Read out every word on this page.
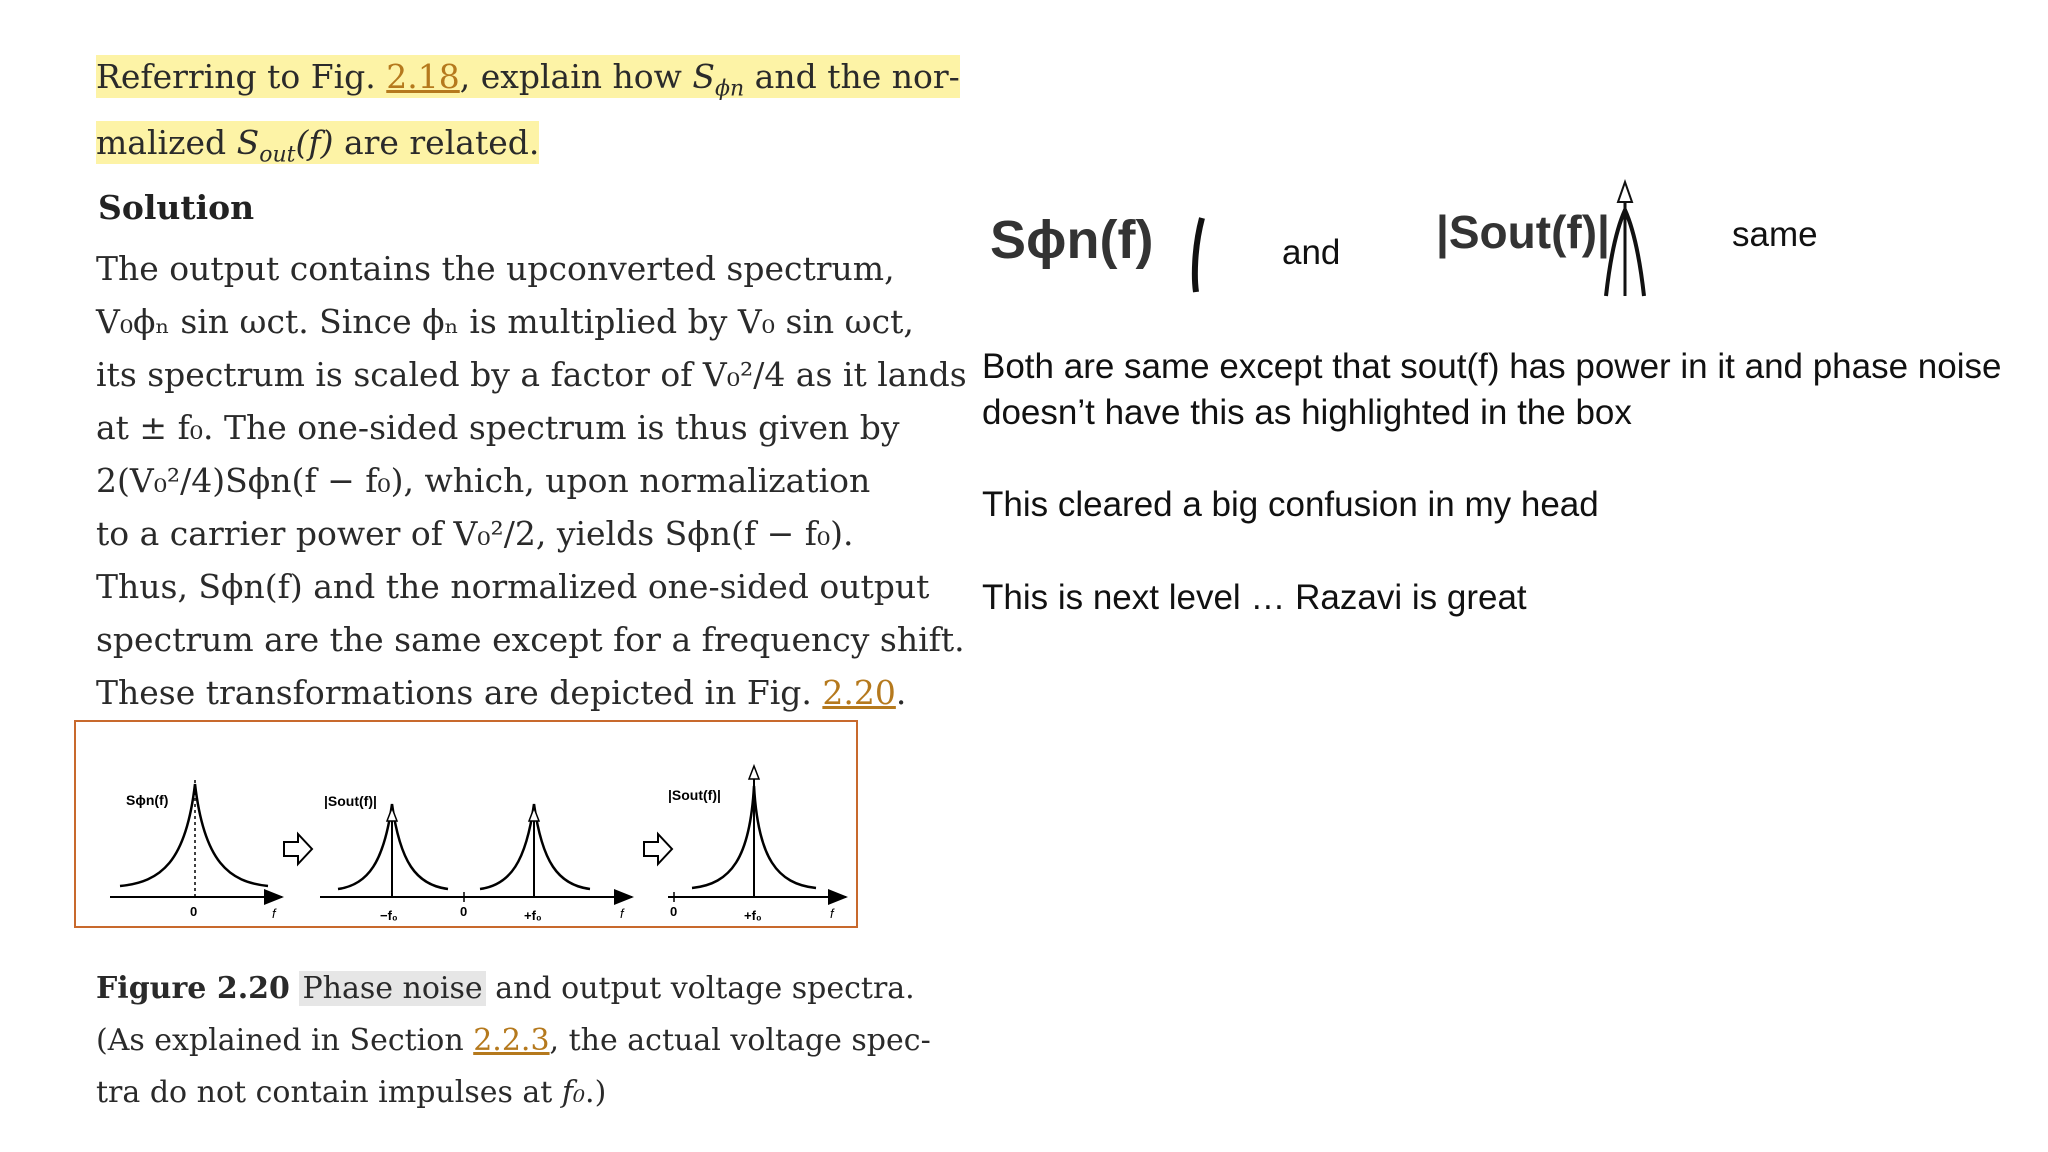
Referring to Fig. 2.18, explain how $S_{\phi n}$ and the nor-
malized $S_{out}(f)$ are related.
Solution
The output contains the upconverted spectrum,
V₀ϕₙ sin ωct. Since ϕₙ is multiplied by V₀ sin ωct,
its spectrum is scaled by a factor of V₀²/4 as it lands
at ± f₀. The one-sided spectrum is thus given by
2(V₀²/4)Sϕn(f − f₀), which, upon normalization
to a carrier power of V₀²/2, yields Sϕn(f − f₀).
Thus, Sϕn(f) and the normalized one-sided output
spectrum are the same except for a frequency shift.
These transformations are depicted in Fig. 2.20.
Sϕn(f)
0	f
|Sout(f)|
−f₀	0	+f₀	f
|Sout(f)|
0	+f₀	f
Figure 2.20 Phase noise and output voltage spectra.
(As explained in Section 2.2.3, the actual voltage spec-
tra do not contain impulses at f₀.)
Sϕn(f)	and |Sout(f)|	same
Both are same except that sout(f) has power in it and phase noise
doesn’t have this as highlighted in the box
This cleared a big confusion in my head
This is next level … Razavi is great
